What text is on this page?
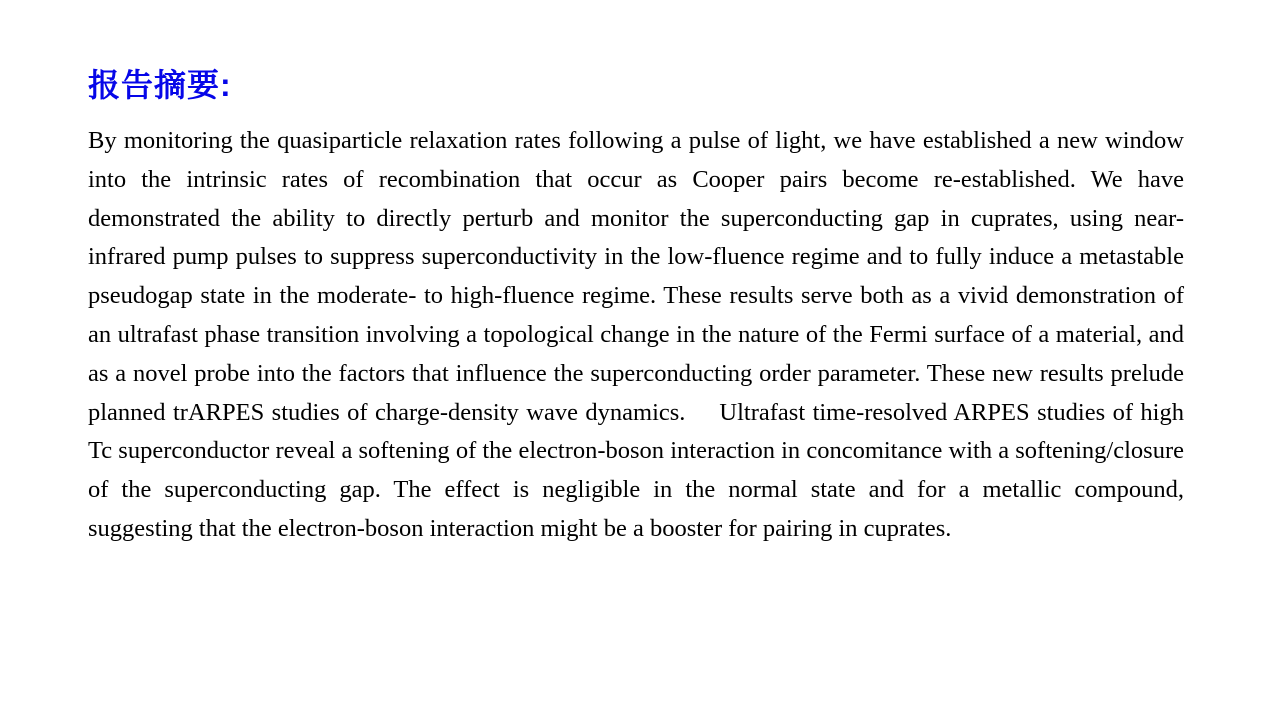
报告摘要:

By monitoring the quasiparticle relaxation rates following a pulse of light, we have established a new window into the intrinsic rates of recombination that occur as Cooper pairs become re-established. We have demonstrated the ability to directly perturb and monitor the superconducting gap in cuprates, using near-infrared pump pulses to suppress superconductivity in the low-fluence regime and to fully induce a metastable pseudogap state in the moderate- to high-fluence regime. These results serve both as a vivid demonstration of an ultrafast phase transition involving a topological change in the nature of the Fermi surface of a material, and as a novel probe into the factors that influence the superconducting order parameter. These new results prelude planned trARPES studies of charge-density wave dynamics. Ultrafast time-resolved ARPES studies of high Tc superconductor reveal a softening of the electron-boson interaction in concomitance with a softening/closure of the superconducting gap. The effect is negligible in the normal state and for a metallic compound, suggesting that the electron-boson interaction might be a booster for pairing in cuprates.
